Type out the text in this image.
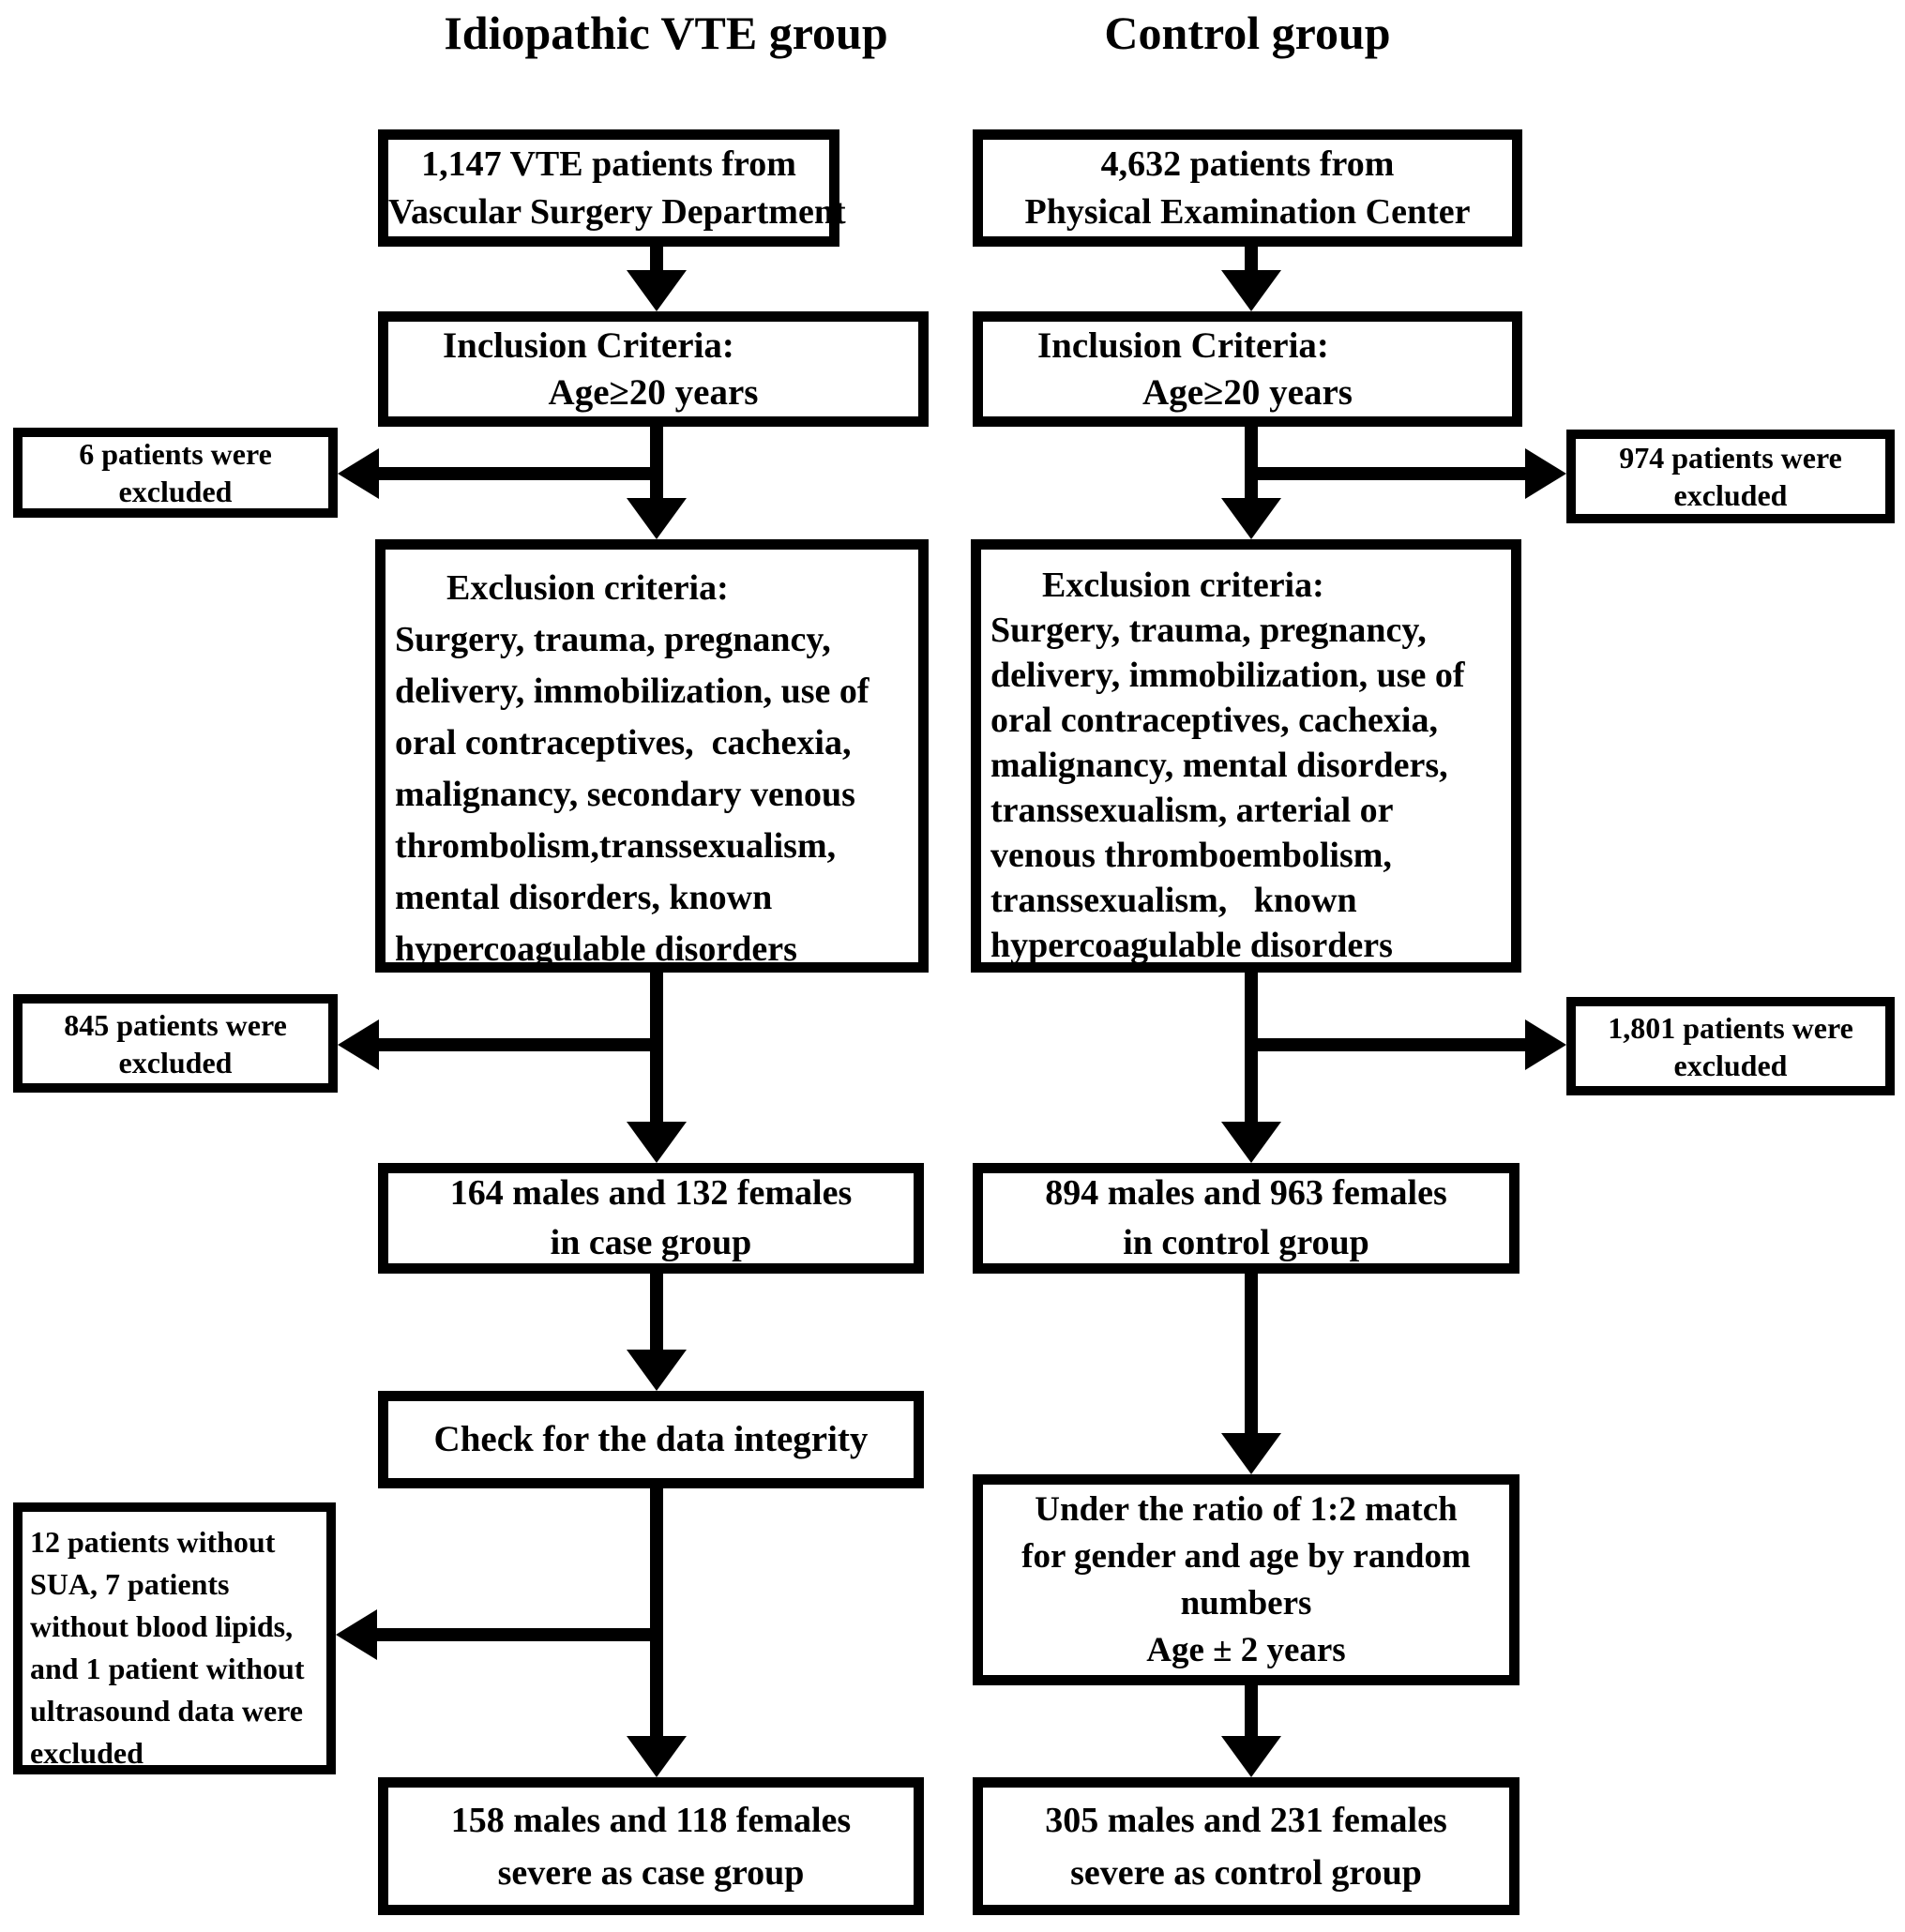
Idiopathic VTE group	Control group
1,147 VTE patients from
Vascular Surgery Department
Inclusion Criteria:
Age≥20 years
Exclusion criteria:
Surgery, trauma, pregnancy,
delivery, immobilization, use of
oral contraceptives,  cachexia,
malignancy, secondary venous
thrombolism,transsexualism,
mental disorders, known
hypercoagulable disorders
164 males and 132 females
in case group
Check for the data integrity
158 males and 118 females
severe as case group
6 patients were
excluded
845 patients were
excluded
12 patients without
SUA, 7 patients
without blood lipids,
and 1 patient without
ultrasound data were
excluded
4,632 patients from
Physical Examination Center
Inclusion Criteria:
Age≥20 years
Exclusion criteria:
Surgery, trauma, pregnancy,
delivery, immobilization, use of
oral contraceptives, cachexia,
malignancy, mental disorders,
transsexualism, arterial or
venous thromboembolism,
transsexualism,   known
hypercoagulable disorders
894 males and 963 females
in control group
Under the ratio of 1:2 match
for gender and age by random
numbers
Age ± 2 years
305 males and 231 females
severe as control group
974 patients were
excluded
1,801 patients were
excluded
